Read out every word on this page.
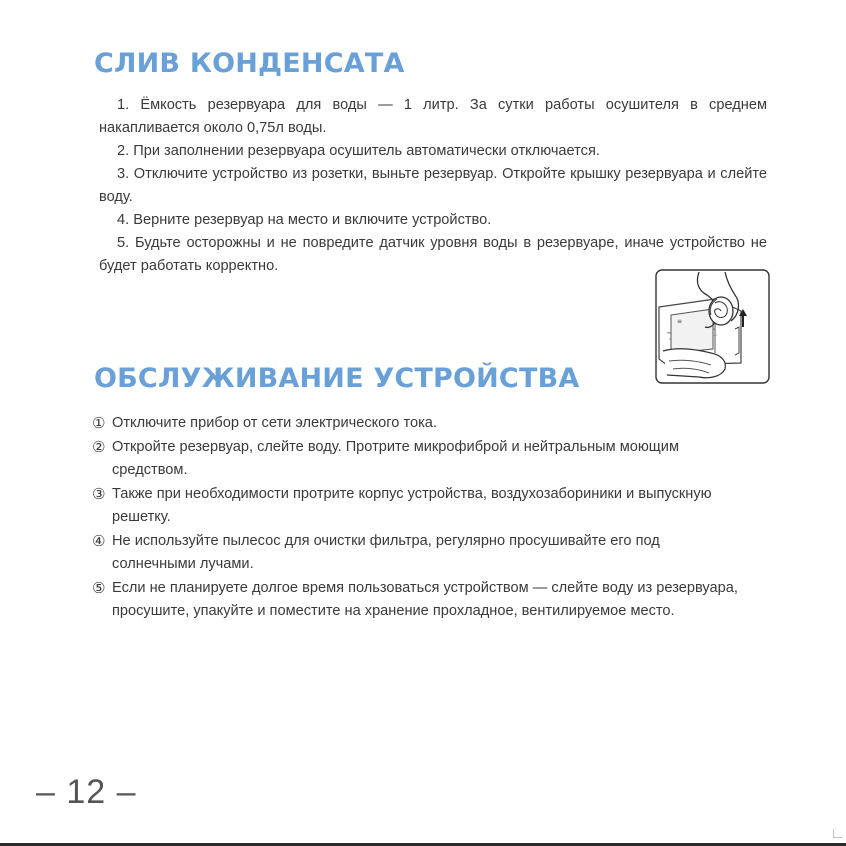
СЛИВ КОНДЕНСАТА

1. Ёмкость резервуара для воды — 1 литр. За сутки работы осушителя в среднем накапливается около 0,75л воды.

2. При заполнении резервуара осушитель автоматически отключается.

3. Отключите устройство из розетки, выньте резервуар. Откройте крышку резервуара и слейте воду.

4. Верните резервуар на место и включите устройство.

5. Будьте осторожны и не повредите датчик уровня воды в резервуаре, иначе устройство не будет работать корректно.

≡
ОБСЛУЖИВАНИЕ УСТРОЙСТВА
① Отключите прибор от сети электрического тока.
② Откройте резервуар, слейте воду. Протрите микрофиброй и нейтральным моющим средством.
③ Также при необходимости протрите корпус устройства, воздухозабориники и выпускную решетку.
④ Не используйте пылесос для очистки фильтра, регулярно просушивайте его под солнечными лучами.
⑤ Если не планируете долгое время пользоваться устройством — слейте воду из резервуара, просушите, упакуйте и поместите на хранение прохладное, вентилируемое место.
– 12 –
